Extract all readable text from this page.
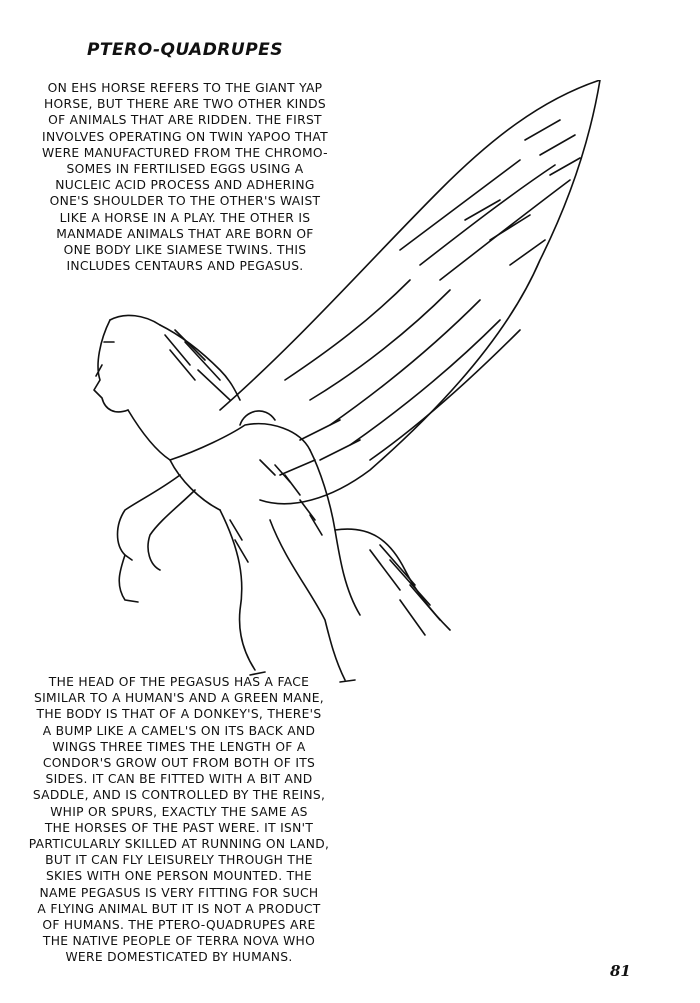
PTERO-QUADRUPES
ON EHS HORSE REFERS TO THE GIANT YAP
HORSE, BUT THERE ARE TWO OTHER KINDS
OF ANIMALS THAT ARE RIDDEN. THE FIRST
INVOLVES OPERATING ON TWIN YAPOO THAT
WERE MANUFACTURED FROM THE CHROMO-
SOMES IN FERTILISED EGGS USING A
NUCLEIC ACID PROCESS AND ADHERING
ONE'S SHOULDER TO THE OTHER'S WAIST
LIKE A HORSE IN A PLAY. THE OTHER IS
MANMADE ANIMALS THAT ARE BORN OF
ONE BODY LIKE SIAMESE TWINS. THIS
INCLUDES CENTAURS AND PEGASUS.
THE HEAD OF THE PEGASUS HAS A FACE
SIMILAR TO A HUMAN'S AND A GREEN MANE,
THE BODY IS THAT OF A DONKEY'S, THERE'S
A BUMP LIKE A CAMEL'S ON ITS BACK AND
WINGS THREE TIMES THE LENGTH OF A
CONDOR'S GROW OUT FROM BOTH OF ITS
SIDES. IT CAN BE FITTED WITH A BIT AND
SADDLE, AND IS CONTROLLED BY THE REINS,
WHIP OR SPURS, EXACTLY THE SAME AS
THE HORSES OF THE PAST WERE. IT ISN'T
PARTICULARLY SKILLED AT RUNNING ON LAND,
BUT IT CAN FLY LEISURELY THROUGH THE
SKIES WITH ONE PERSON MOUNTED. THE
NAME PEGASUS IS VERY FITTING FOR SUCH
A FLYING ANIMAL BUT IT IS NOT A PRODUCT
OF HUMANS. THE PTERO-QUADRUPES ARE
THE NATIVE PEOPLE OF TERRA NOVA WHO
WERE DOMESTICATED BY HUMANS.
81
